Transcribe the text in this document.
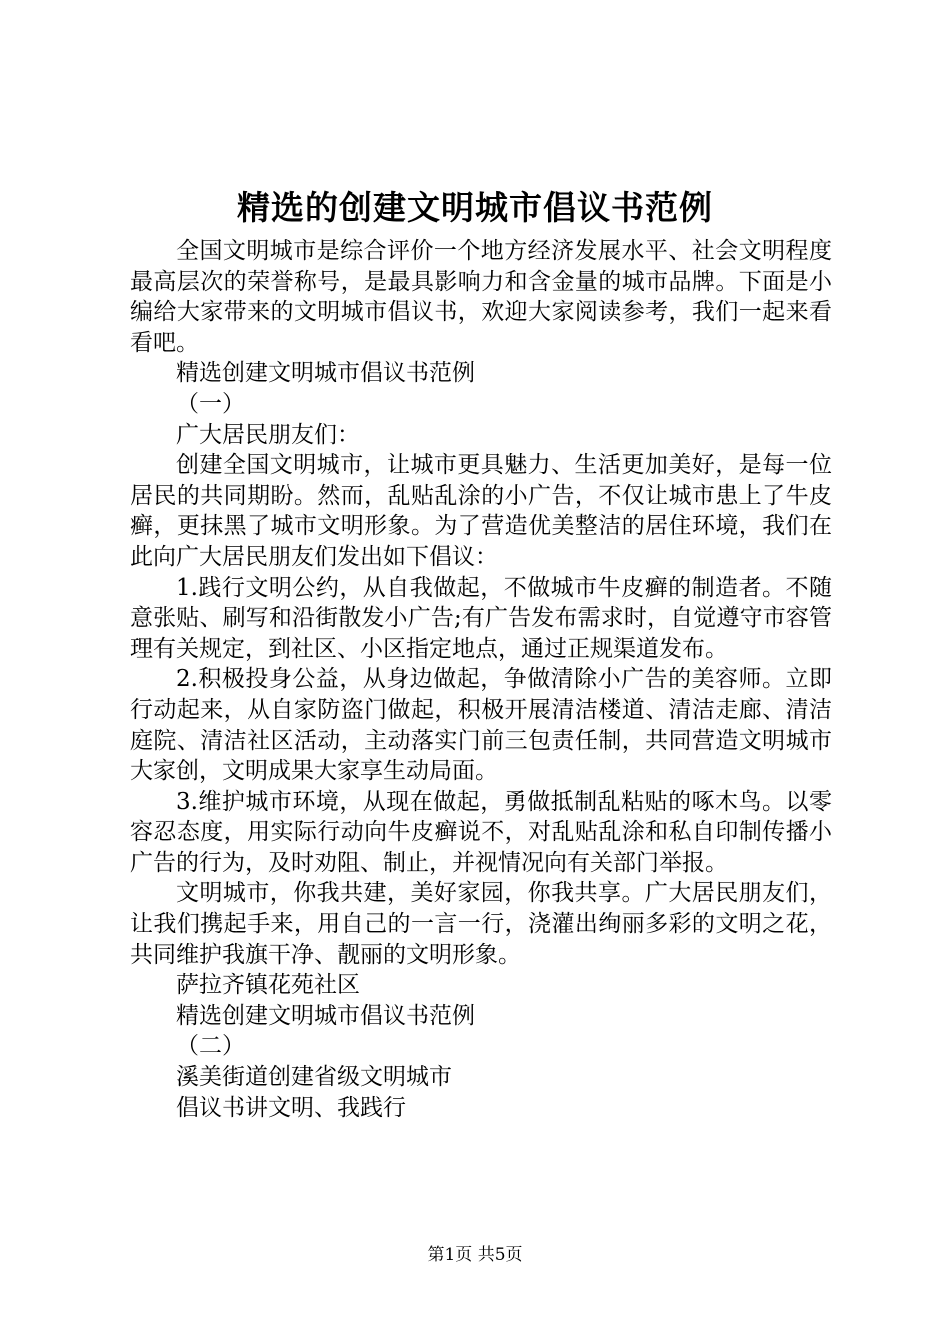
精选的创建文明城市倡议书范例

全国文明城市是综合评价一个地方经济发展水平、社会文明程度最高层次的荣誉称号，是最具影响力和含金量的城市品牌。下面是小编给大家带来的文明城市倡议书，欢迎大家阅读参考，我们一起来看看吧。

精选创建文明城市倡议书范例

（一）

广大居民朋友们：

创建全国文明城市，让城市更具魅力、生活更加美好，是每一位居民的共同期盼。然而，乱贴乱涂的小广告，不仅让城市患上了牛皮癣，更抹黑了城市文明形象。为了营造优美整洁的居住环境，我们在此向广大居民朋友们发出如下倡议：

1.践行文明公约，从自我做起，不做城市牛皮癣的制造者。不随意张贴、刷写和沿街散发小广告;有广告发布需求时，自觉遵守市容管理有关规定，到社区、小区指定地点，通过正规渠道发布。

2.积极投身公益，从身边做起，争做清除小广告的美容师。立即行动起来，从自家防盗门做起，积极开展清洁楼道、清洁走廊、清洁庭院、清洁社区活动，主动落实门前三包责任制，共同营造文明城市大家创，文明成果大家享生动局面。

3.维护城市环境，从现在做起，勇做抵制乱粘贴的啄木鸟。以零容忍态度，用实际行动向牛皮癣说不，对乱贴乱涂和私自印制传播小广告的行为，及时劝阻、制止，并视情况向有关部门举报。

文明城市，你我共建，美好家园，你我共享。广大居民朋友们，让我们携起手来，用自己的一言一行，浇灌出绚丽多彩的文明之花，共同维护我旗干净、靓丽的文明形象。

萨拉齐镇花苑社区

精选创建文明城市倡议书范例

（二）

溪美街道创建省级文明城市

倡议书讲文明、我践行

第1页 共5页
